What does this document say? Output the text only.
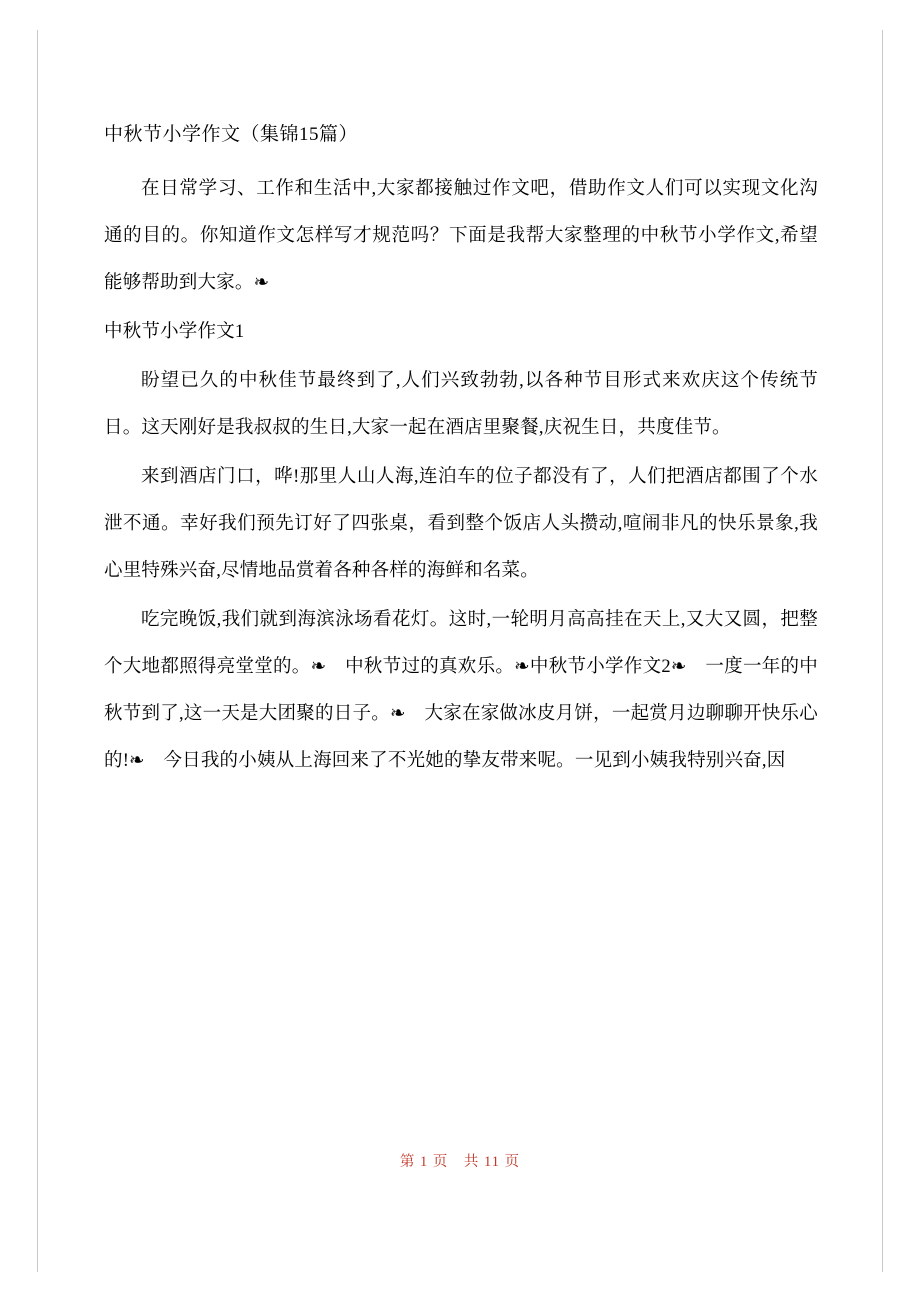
中秋节小学作文（集锦15篇）

在日常学习、工作和生活中,大家都接触过作文吧，借助作文人们可以实现文化沟通的目的。你知道作文怎样写才规范吗？下面是我帮大家整理的中秋节小学作文,希望能够帮助到大家。❧

中秋节小学作文1

盼望已久的中秋佳节最终到了,人们兴致勃勃,以各种节目形式来欢庆这个传统节日。这天刚好是我叔叔的生日,大家一起在酒店里聚餐,庆祝生日，共度佳节。

来到酒店门口，哗!那里人山人海,连泊车的位子都没有了，人们把酒店都围了个水泄不通。幸好我们预先订好了四张桌，看到整个饭店人头攒动,喧闹非凡的快乐景象,我心里特殊兴奋,尽情地品赏着各种各样的海鲜和名菜。

吃完晚饭,我们就到海滨泳场看花灯。这时,一轮明月高高挂在天上,又大又圆，把整个大地都照得亮堂堂的。❧　中秋节过的真欢乐。❧中秋节小学作文2❧　一度一年的中秋节到了,这一天是大团聚的日子。❧　大家在家做冰皮月饼，一起赏月边聊聊开快乐心的!❧　今日我的小姨从上海回来了不光她的挚友带来呢。一见到小姨我特别兴奋,因

第 1 页　共 11 页
